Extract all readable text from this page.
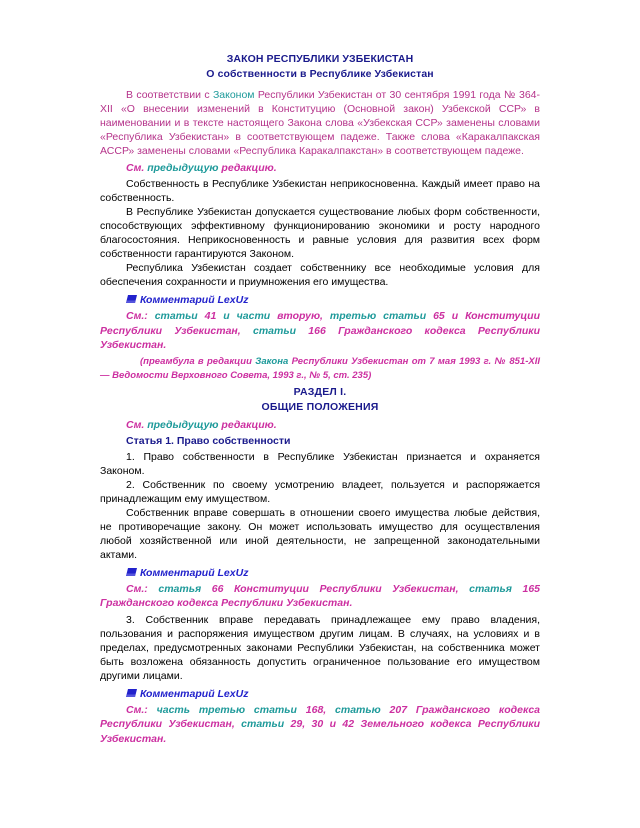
ЗАКОН РЕСПУБЛИКИ УЗБЕКИСТАН
О собственности в Республике Узбекистан

В соответствии с Законом Республики Узбекистан от 30 сентября 1991 года № 364-XII «О внесении изменений в Конституцию (Основной закон) Узбекской ССР» в наименовании и в тексте настоящего Закона слова «Узбекская ССР» заменены словами «Республика Узбекистан» в соответствующем падеже. Также слова «Каракалпакская АССР» заменены словами «Республика Каракалпакстан» в соответствующем падеже.

См. предыдущую редакцию.

Собственность в Республике Узбекистан неприкосновенна. Каждый имеет право на собственность.

В Республике Узбекистан допускается существование любых форм собственности, способствующих эффективному функционированию экономики и росту народного благосостояния. Неприкосновенность и равные условия для развития всех форм собственности гарантируются Законом.

Республика Узбекистан создает собственнику все необходимые условия для обеспечения сохранности и приумножения его имущества.

Комментарий LexUz

См.: статьи 41 и части вторую, третью статьи 65 и Конституции Республики Узбекистан, статьи 166 Гражданского кодекса Республики Узбекистан.

(преамбула в редакции Закона Республики Узбекистан от 7 мая 1993 г. № 851-XII — Ведомости Верховного Совета, 1993 г., № 5, ст. 235)

РАЗДЕЛ I.
ОБЩИЕ ПОЛОЖЕНИЯ
См. предыдущую редакцию.
Статья 1. Право собственности

1. Право собственности в Республике Узбекистан признается и охраняется Законом.

2. Собственник по своему усмотрению владеет, пользуется и распоряжается принадлежащим ему имуществом.

Собственник вправе совершать в отношении своего имущества любые действия, не противоречащие закону. Он может использовать имущество для осуществления любой хозяйственной или иной деятельности, не запрещенной законодательными актами.

Комментарий LexUz

См.: статья 66 Конституции Республики Узбекистан, статья 165 Гражданского кодекса Республики Узбекистан.

3. Собственник вправе передавать принадлежащее ему право владения, пользования и распоряжения имуществом другим лицам. В случаях, на условиях и в пределах, предусмотренных законами Республики Узбекистан, на собственника может быть возложена обязанность допустить ограниченное пользование его имуществом другими лицами.

Комментарий LexUz

См.: часть третью статьи 168, статью 207 Гражданского кодекса Республики Узбекистан, статьи 29, 30 и 42 Земельного кодекса Республики Узбекистан.
